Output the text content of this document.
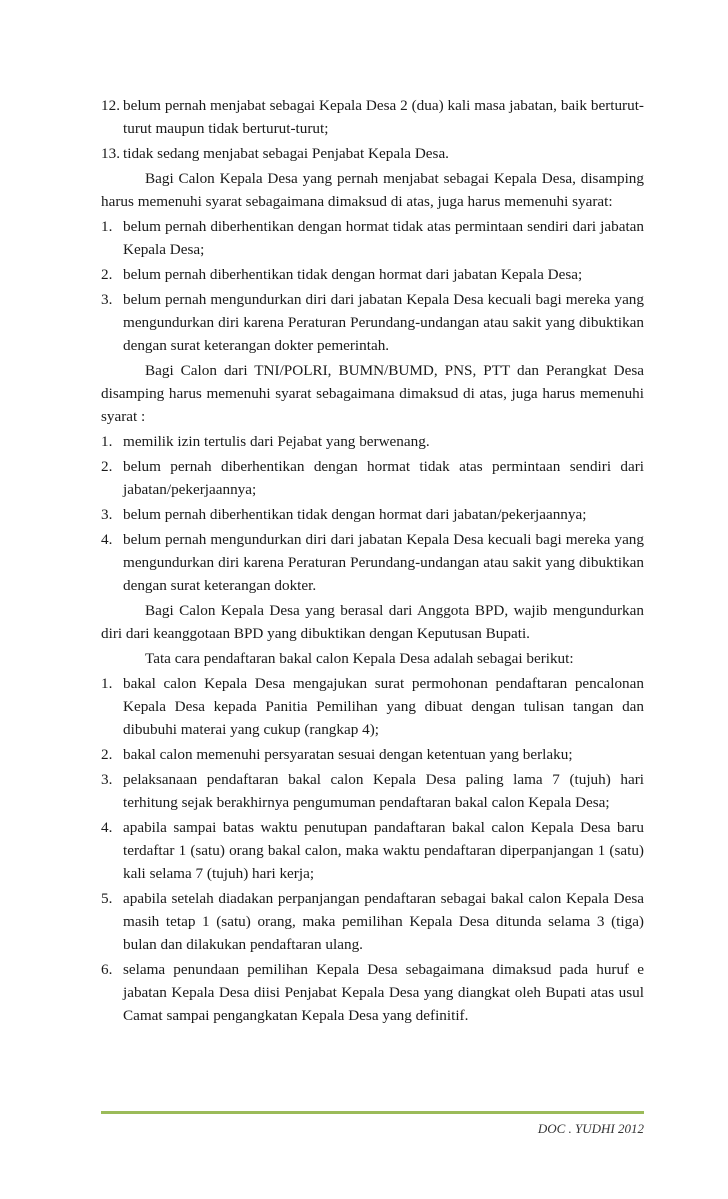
12. belum pernah menjabat sebagai Kepala Desa 2 (dua) kali masa jabatan, baik berturut-turut maupun tidak berturut-turut;
13. tidak sedang menjabat sebagai Penjabat Kepala Desa.
Bagi Calon Kepala Desa yang pernah menjabat sebagai Kepala Desa, disamping harus memenuhi syarat sebagaimana dimaksud di atas, juga harus memenuhi syarat:
1. belum pernah diberhentikan dengan hormat tidak atas permintaan sendiri dari jabatan Kepala Desa;
2. belum pernah diberhentikan tidak dengan hormat dari jabatan Kepala Desa;
3. belum pernah mengundurkan diri dari jabatan Kepala Desa kecuali bagi mereka yang mengundurkan diri karena Peraturan Perundang-undangan atau sakit yang dibuktikan dengan surat keterangan dokter pemerintah.
Bagi Calon dari TNI/POLRI, BUMN/BUMD, PNS, PTT dan Perangkat Desa disamping harus memenuhi syarat sebagaimana dimaksud di atas, juga harus memenuhi syarat :
1. memilik izin tertulis dari Pejabat yang berwenang.
2. belum pernah diberhentikan dengan hormat tidak atas permintaan sendiri dari jabatan/pekerjaannya;
3. belum pernah diberhentikan tidak dengan hormat dari jabatan/pekerjaannya;
4. belum pernah mengundurkan diri dari jabatan Kepala Desa kecuali bagi mereka yang mengundurkan diri karena Peraturan Perundang-undangan atau sakit yang dibuktikan dengan surat keterangan dokter.
Bagi Calon Kepala Desa yang berasal dari Anggota BPD, wajib mengundurkan diri dari keanggotaan BPD yang dibuktikan dengan Keputusan Bupati.
Tata cara pendaftaran bakal calon Kepala Desa adalah sebagai berikut:
1. bakal calon Kepala Desa mengajukan surat permohonan pendaftaran pencalonan Kepala Desa kepada Panitia Pemilihan yang dibuat dengan tulisan tangan dan dibubuhi materai yang cukup (rangkap 4);
2. bakal calon memenuhi persyaratan sesuai dengan ketentuan yang berlaku;
3. pelaksanaan pendaftaran bakal calon Kepala Desa paling lama 7 (tujuh) hari terhitung sejak berakhirnya pengumuman pendaftaran bakal calon Kepala Desa;
4. apabila sampai batas waktu penutupan pandaftaran bakal calon Kepala Desa baru terdaftar 1 (satu) orang bakal calon, maka waktu pendaftaran diperpanjangan 1 (satu) kali selama 7 (tujuh) hari kerja;
5. apabila setelah diadakan perpanjangan pendaftaran sebagai bakal calon Kepala Desa masih tetap 1 (satu) orang, maka pemilihan Kepala Desa ditunda selama 3 (tiga) bulan dan dilakukan pendaftaran ulang.
6. selama penundaan pemilihan Kepala Desa sebagaimana dimaksud pada huruf e jabatan Kepala Desa diisi Penjabat Kepala Desa yang diangkat oleh Bupati atas usul Camat sampai pengangkatan Kepala Desa yang definitif.
DOC . YUDHI 2012
